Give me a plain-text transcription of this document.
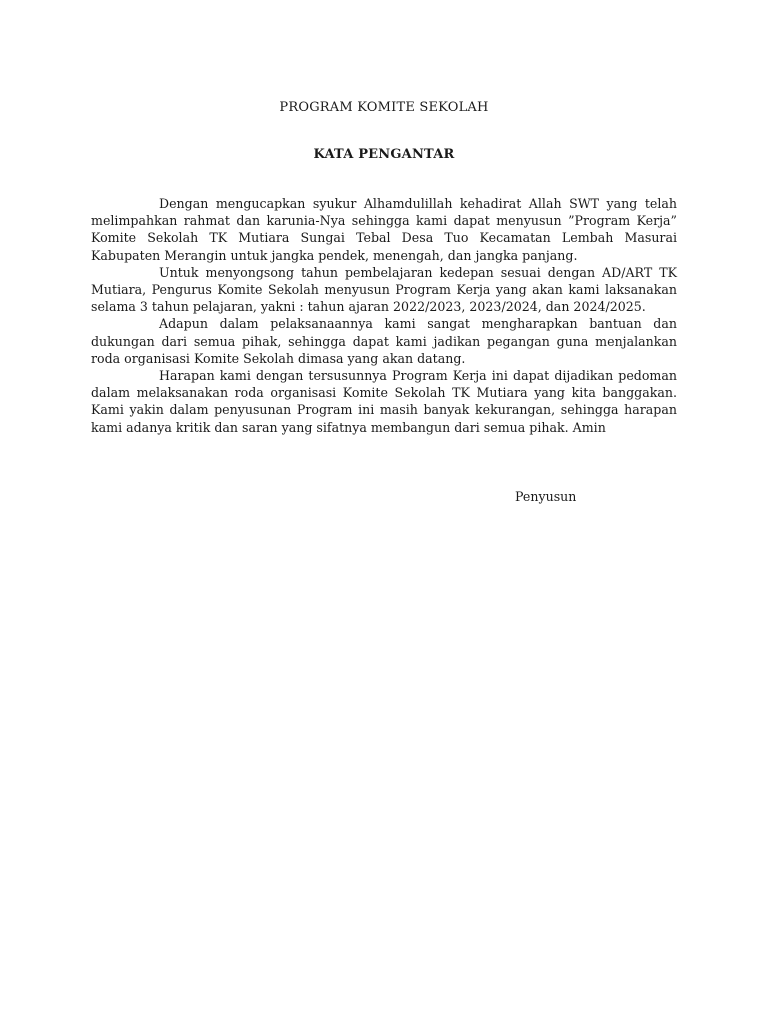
PROGRAM KOMITE SEKOLAH
KATA PENGANTAR

Dengan mengucapkan syukur Alhamdulillah kehadirat Allah SWT yang telah melimpahkan rahmat dan karunia-Nya sehingga kami dapat menyusun ”Program Kerja” Komite Sekolah TK Mutiara Sungai Tebal Desa Tuo Kecamatan Lembah Masurai Kabupaten Merangin untuk jangka pendek, menengah, dan jangka panjang.

Untuk menyongsong tahun pembelajaran kedepan sesuai dengan AD/ART TK Mutiara, Pengurus Komite Sekolah menyusun Program Kerja yang akan kami laksanakan selama 3 tahun pelajaran, yakni : tahun ajaran 2022/2023, 2023/2024, dan 2024/2025.

Adapun dalam pelaksanaannya kami sangat mengharapkan bantuan dan dukungan dari semua pihak, sehingga dapat kami jadikan pegangan guna menjalankan roda organisasi Komite Sekolah dimasa yang akan datang.

Harapan kami dengan tersusunnya Program Kerja ini dapat dijadikan pedoman dalam melaksanakan roda organisasi Komite Sekolah TK Mutiara yang kita banggakan. Kami yakin dalam penyusunan Program ini masih banyak kekurangan, sehingga harapan kami adanya kritik dan saran yang sifatnya membangun dari semua pihak. Amin

Penyusun
